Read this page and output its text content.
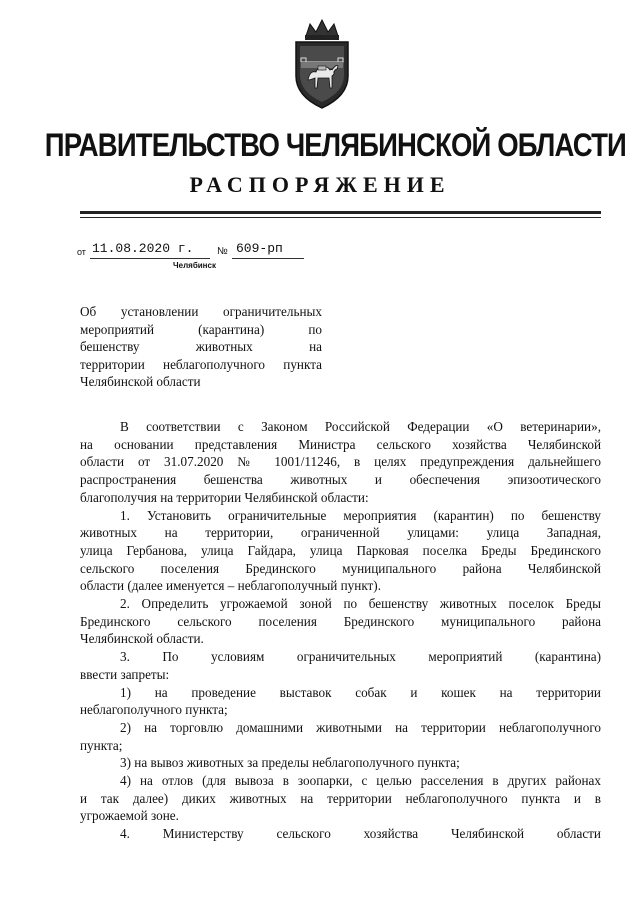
ПРАВИТЕЛЬСТВО ЧЕЛЯБИНСКОЙ ОБЛАСТИ
РАСПОРЯЖЕНИЕ
от 11.08.2020 г. № 609-рп
Челябинск
Об установлении ограничительных
мероприятий (карантина) по
бешенству животных на
территории неблагополучного пункта
Челябинской области
В соответствии с Законом Российской Федерации «О ветеринарии»,
на основании представления Министра сельского хозяйства Челябинской
области от 31.07.2020 № 1001/11246, в целях предупреждения дальнейшего
распространения бешенства животных и обеспечения эпизоотического
благополучия на территории Челябинской области:
1. Установить ограничительные мероприятия (карантин) по бешенству
животных на территории, ограниченной улицами: улица Западная,
улица Гербанова, улица Гайдара, улица Парковая поселка Бреды Брединского
сельского поселения Брединского муниципального района Челябинской
области (далее именуется – неблагополучный пункт).
2. Определить угрожаемой зоной по бешенству животных поселок Бреды
Брединского сельского поселения Брединского муниципального района
Челябинской области.
3. По условиям ограничительных мероприятий (карантина)
ввести запреты:
1) на проведение выставок собак и кошек на территории
неблагополучного пункта;
2) на торговлю домашними животными на территории неблагополучного
пункта;
3) на вывоз животных за пределы неблагополучного пункта;
4) на отлов (для вывоза в зоопарки, с целью расселения в других районах
и так далее) диких животных на территории неблагополучного пункта и в
угрожаемой зоне.
4. Министерству сельского хозяйства Челябинской области
